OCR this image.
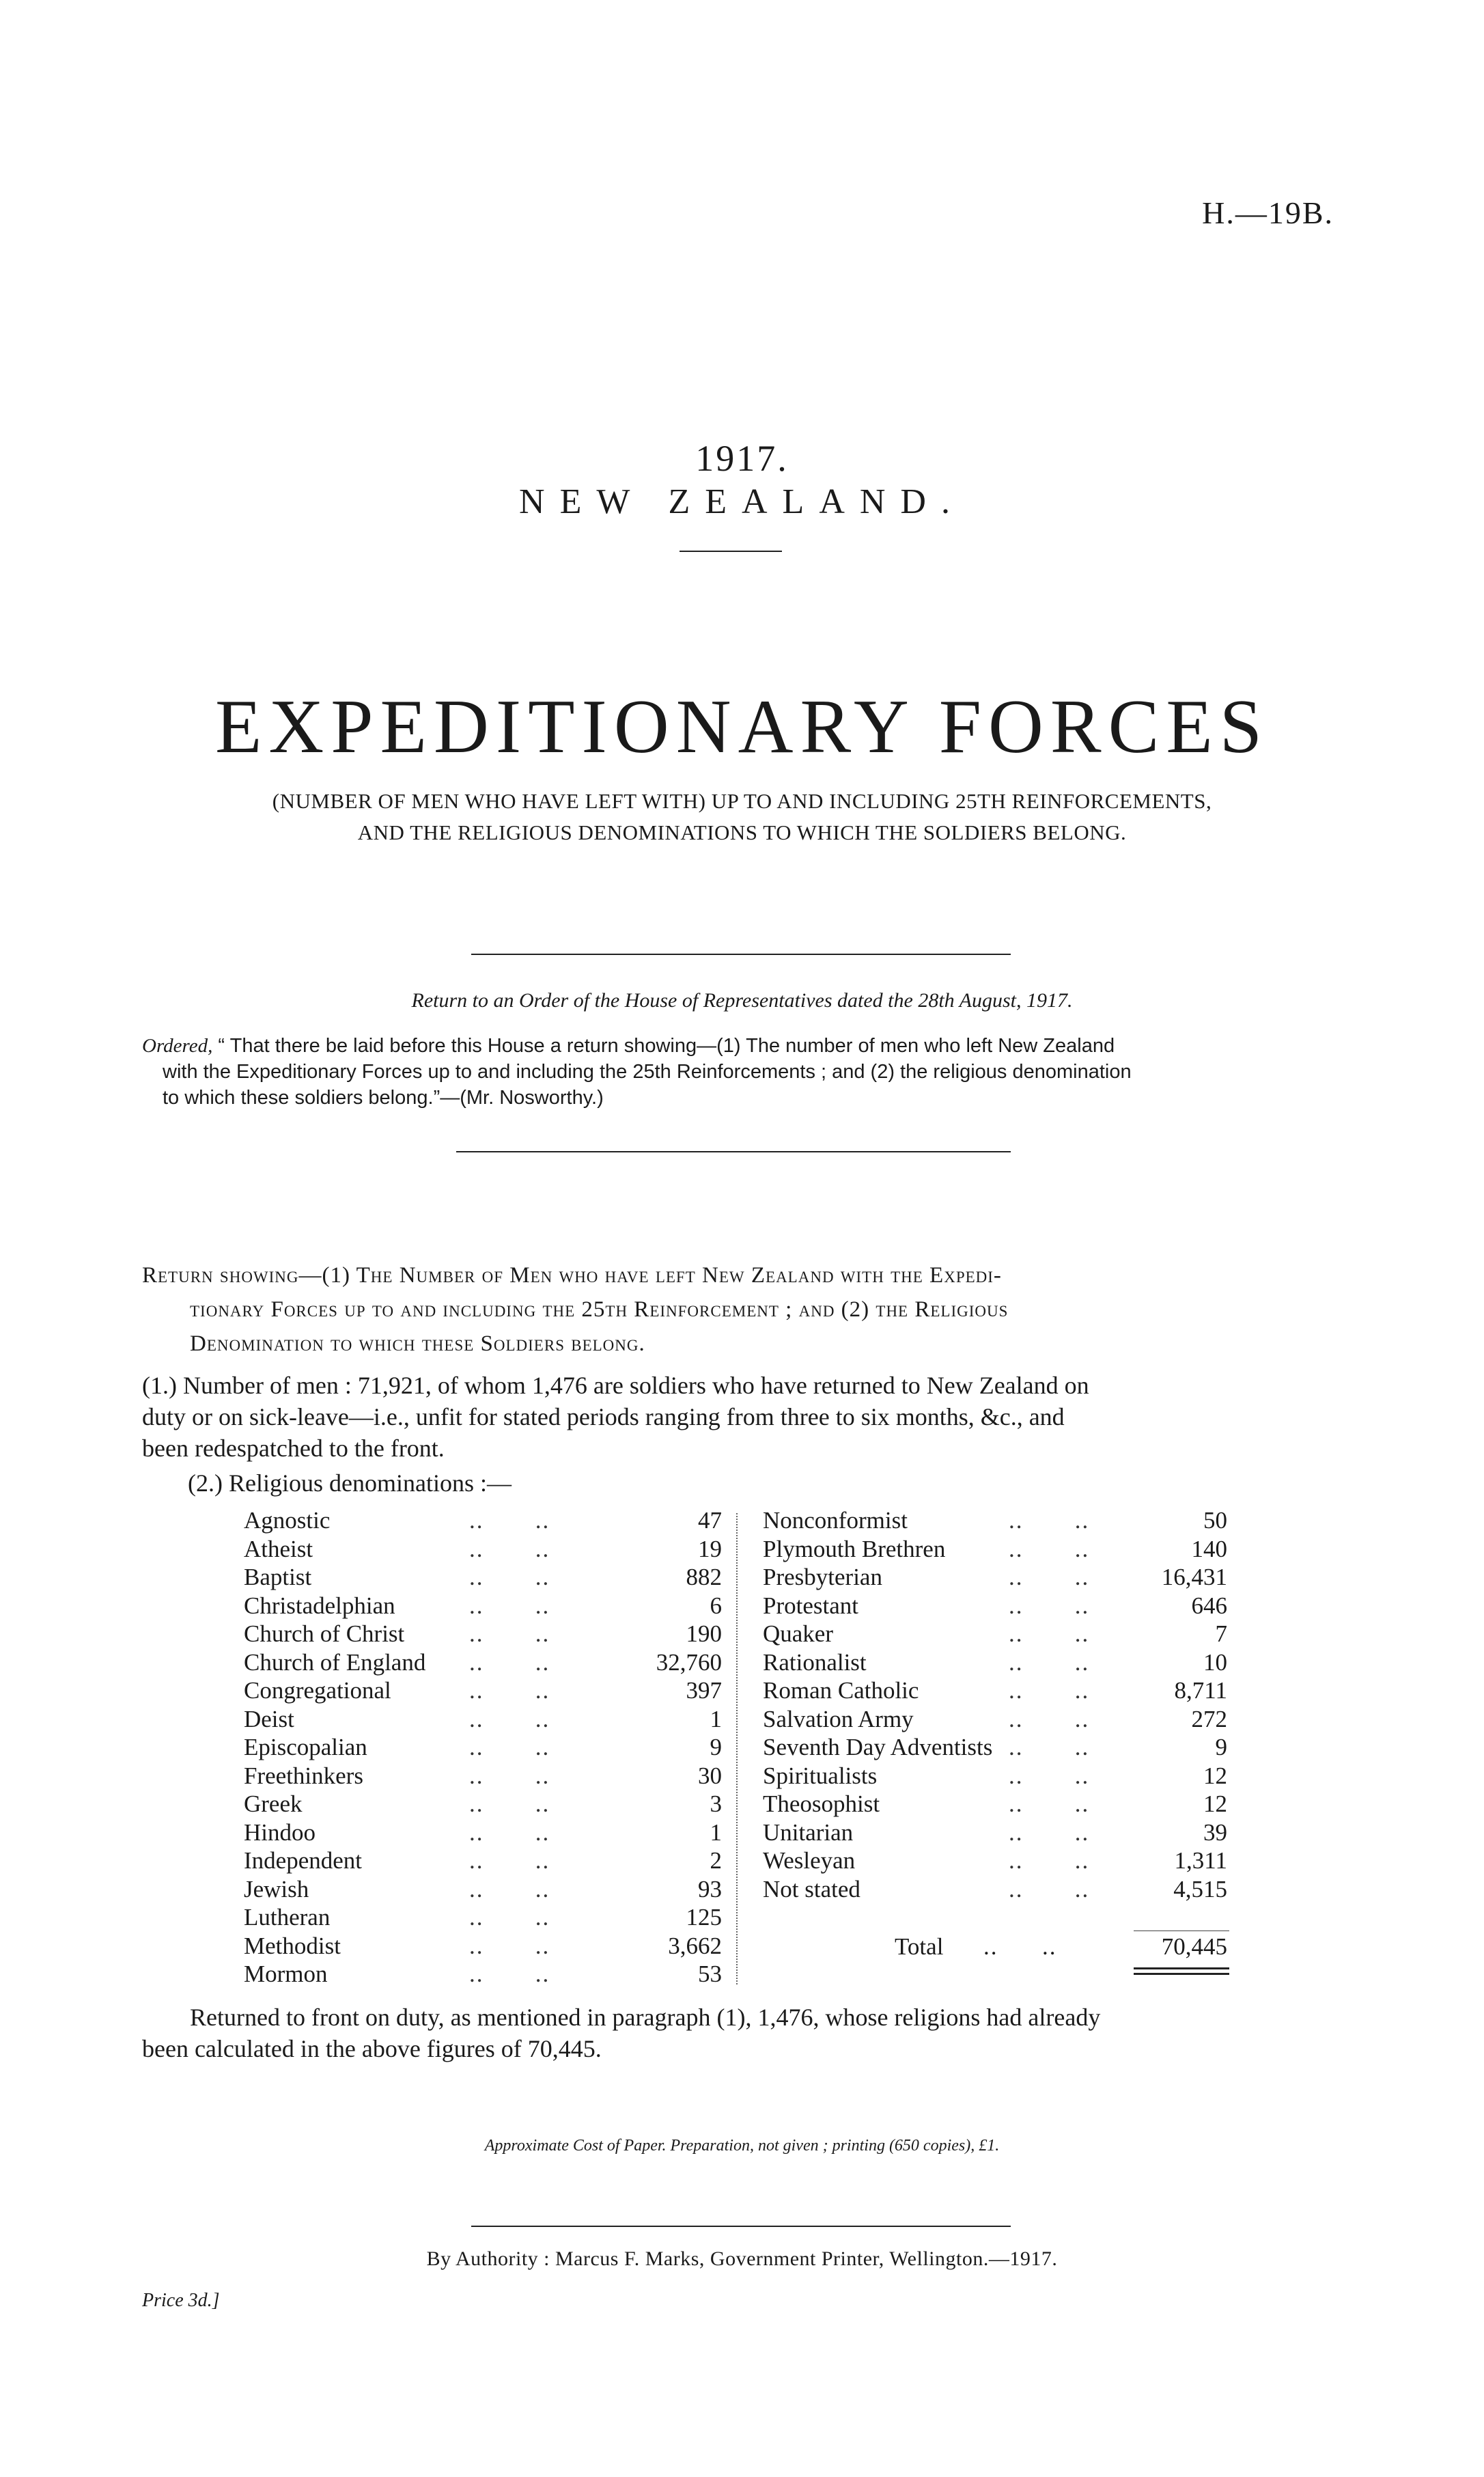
H.—19B.
1917.
NEW ZEALAND.
EXPEDITIONARY FORCES
(NUMBER OF MEN WHO HAVE LEFT WITH) UP TO AND INCLUDING 25TH REINFORCEMENTS,
AND THE RELIGIOUS DENOMINATIONS TO WHICH THE SOLDIERS BELONG.
Return to an Order of the House of Representatives dated the 28th August, 1917.
Ordered, “ That there be laid before this House a return showing—(1) The number of men who left New Zealand
with the Expeditionary Forces up to and including the 25th Reinforcements ; and (2) the religious denomination
to which these soldiers belong.”—(Mr. Nosworthy.)
Return showing—(1) The Number of Men who have left New Zealand with the Expedi-
tionary Forces up to and including the 25th Reinforcement ; and (2) the Religious
Denomination to which these Soldiers belong.
(1.) Number of men : 71,921, of whom 1,476 are soldiers who have returned to New Zealand on
duty or on sick-leave—i.e., unfit for stated periods ranging from three to six months, &c., and
been redespatched to the front.
(2.) Religious denominations :—
Agnostic	..       ..	47
Atheist	..       ..	19
Baptist	..       ..	882
Christadelphian	..       ..	6
Church of Christ	..       ..	190
Church of England ..       ..	32,760
Congregational	..       ..	397
Deist	..       ..	1
Episcopalian	..       ..	9
Freethinkers	..       ..	30
Greek	..       ..	3
Hindoo	..       ..	1
Independent	..       ..	2
Jewish	..       ..	93
Lutheran	..       ..	125
Methodist	..       ..	3,662
Mormon	..       ..	53
Nonconformist	..       ..	50
Plymouth Brethren	..       ..	140
Presbyterian	..       ..	16,431
Protestant	..       ..	646
Quaker	..       ..	7
Rationalist	..       ..	10
Roman Catholic	..       ..	8,711
Salvation Army	..       ..	272
Seventh Day Adventists ..       ..	9
Spiritualists	..       ..	12
Theosophist	..       ..	12
Unitarian	..       ..	39
Wesleyan	..       ..	1,311
Not stated	..       ..	4,515
Total ..      ..	70,445
Returned to front on duty, as mentioned in paragraph (1), 1,476, whose religions had already
been calculated in the above figures of 70,445.
Approximate Cost of Paper. Preparation, not given ; printing (650 copies), £1.
By Authority : Marcus F. Marks, Government Printer, Wellington.—1917.
Price 3d.]
